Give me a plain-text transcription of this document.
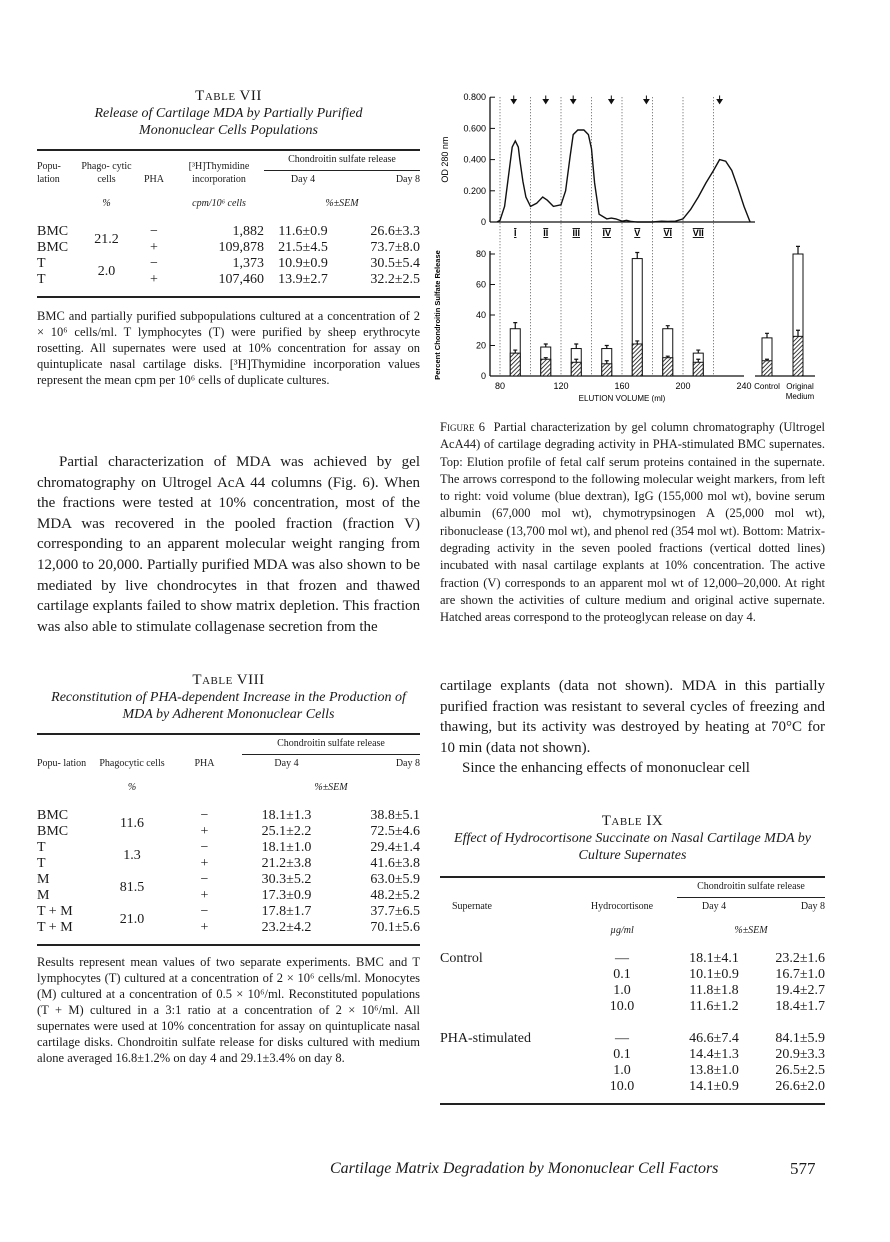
Table VII
Release of Cartilage MDA by Partially Purified Mononuclear Cells Populations
Popu- lation	Phago- cytic cells	PHA	[³H]Thymidine incorporation	Chondroitin sulfate release	
				Day 4	Day 8
	%		cpm/10⁶ cells	%±SEM	
BMC	21.2	−	1,882	11.6±0.9	26.6±3.3
BMC		+	109,878	21.5±4.5	73.7±8.0
T	2.0	−	1,373	10.9±0.9	30.5±5.4
T		+	107,460	13.9±2.7	32.2±2.5

BMC and partially purified subpopulations cultured at a concentration of 2 × 10⁶ cells/ml. T lymphocytes (T) were purified by sheep erythrocyte rosetting. All supernates were used at 10% concentration for assay on quintuplicate nasal cartilage disks. [³H]Thymidine incorporation values represent the mean cpm per 10⁶ cells of duplicate cultures.

Partial characterization of MDA was achieved by gel chromatography on Ultrogel AcA 44 columns (Fig. 6). When the fractions were tested at 10% concentration, most of the MDA was recovered in the pooled fraction (fraction V) corresponding to an apparent molecular weight ranging from 12,000 to 20,000. Partially purified MDA was also shown to be mediated by live chondrocytes in that frozen and thawed cartilage explants failed to show matrix depletion. This fraction was also able to stimulate collagenase secretion from the

Table VIII
Reconstitution of PHA-dependent Increase in the Production of MDA by Adherent Mononuclear Cells
Popu- lation	Phagocytic cells	PHA	Chondroitin sulfate release	
			Day 4	Day 8
	%		%±SEM	
BMC	11.6	−	18.1±1.3	38.8±5.1
BMC		+	25.1±2.2	72.5±4.6
T	1.3	−	18.1±1.0	29.4±1.4
T		+	21.2±3.8	41.6±3.8
M	81.5	−	30.3±5.2	63.0±5.9
M		+	17.3±0.9	48.2±5.2
T + M	21.0	−	17.8±1.7	37.7±6.5
T + M		+	23.2±4.2	70.1±5.6

Results represent mean values of two separate experiments. BMC and T lymphocytes (T) cultured at a concentration of 2 × 10⁶ cells/ml. Monocytes (M) cultured at a concentration of 0.5 × 10⁶/ml. Reconstituted populations (T + M) cultured in a 3:1 ratio at a concentration of 2 × 10⁶/ml. All supernates were used at 10% concentration for assay on quintuplicate nasal cartilage disks. Chondroitin sulfate release for disks cultured with medium alone averaged 16.8±1.2% on day 4 and 29.1±3.4% on day 8.
0
0.200
0.400
0.600
0.800
OD 280 nm
0
20
40
60
80
80	120	160	200	240
Percent Chondroitin Sulfate Release
ELUTION VOLUME (ml)
Control Original
Medium
I	II	III IV	V	VI VII
Figure 6 Partial characterization by gel column chromatography (Ultrogel AcA44) of cartilage degrading activity in PHA-stimulated BMC supernates. Top: Elution profile of fetal calf serum proteins contained in the supernate. The arrows correspond to the following molecular weight markers, from left to right: void volume (blue dextran), IgG (155,000 mol wt), bovine serum albumin (67,000 mol wt), chymotrypsinogen A (25,000 mol wt), ribonuclease (13,700 mol wt), and phenol red (354 mol wt). Bottom: Matrix-degrading activity in the seven pooled fractions (vertical dotted lines) incubated with nasal cartilage explants at 10% concentration. The active fraction (V) corresponds to an apparent mol wt of 12,000–20,000. At right are shown the activities of culture medium and original active supernate. Hatched areas correspond to the proteoglycan release on day 4.

cartilage explants (data not shown). MDA in this partially purified fraction was resistant to several cycles of freezing and thawing, but its activity was destroyed by heating at 70°C for 10 min (data not shown).

Since the enhancing effects of mononuclear cell

Table IX
Effect of Hydrocortisone Succinate on Nasal Cartilage MDA by Culture Supernates
Supernate	Hydrocortisone	Chondroitin sulfate release	
		Day 4	Day 8
	µg/ml	%±SEM	
Control	—	18.1±4.1	23.2±1.6
	0.1	10.1±0.9	16.7±1.0
	1.0	11.8±1.8	19.4±2.7
	10.0	11.6±1.2	18.4±1.7
PHA-stimulated	—	46.6±7.4	84.1±5.9
	0.1	14.4±1.3	20.9±3.3
	1.0	13.8±1.0	26.5±2.5
	10.0	14.1±0.9	26.6±2.0

Cartilage Matrix Degradation by Mononuclear Cell Factors	577
